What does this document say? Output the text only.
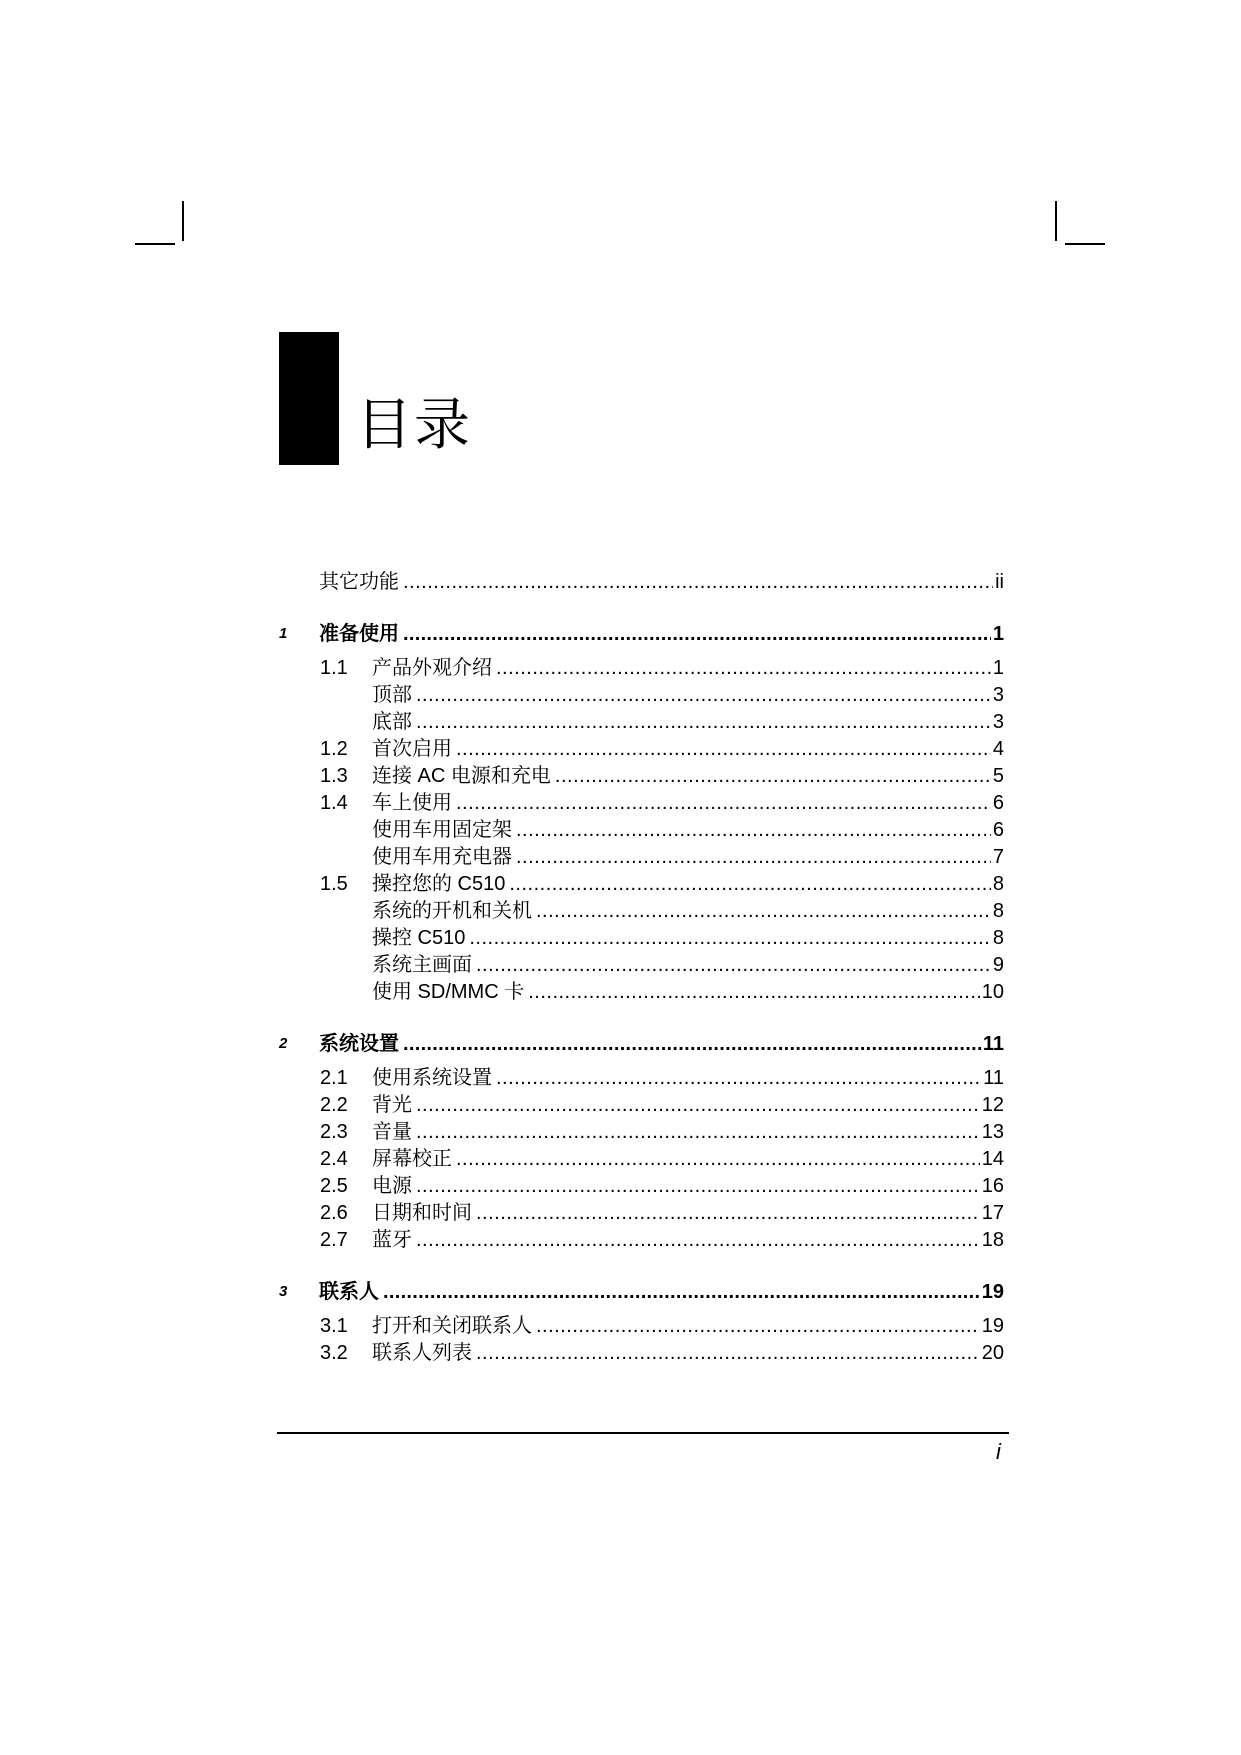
目录
其它功能 .....	ii
1 准备使用 .....	1
1.1 产品外观介绍 .....	1
顶部 .....	3
底部 .....	3
1.2 首次启用 .....	4
1.3 连接 AC 电源和充电 .....	5
1.4 车上使用 .....	6
使用车用固定架 .....	6
使用车用充电器 .....	7
1.5 操控您的 C510 .....	8
系统的开机和关机 .....	8
操控 C510 .....	8
系统主画面 .....	9
使用 SD/MMC 卡 .....	10
2 系统设置 .....	11
2.1 使用系统设置 .....	11
2.2 背光 .....	12
2.3 音量 .....	13
2.4 屏幕校正 .....	14
2.5 电源 .....	16
2.6 日期和时间 .....	17
2.7 蓝牙 .....	18
3 联系人 .....	19
3.1 打开和关闭联系人 .....	19
3.2 联系人列表 .....	20
i
